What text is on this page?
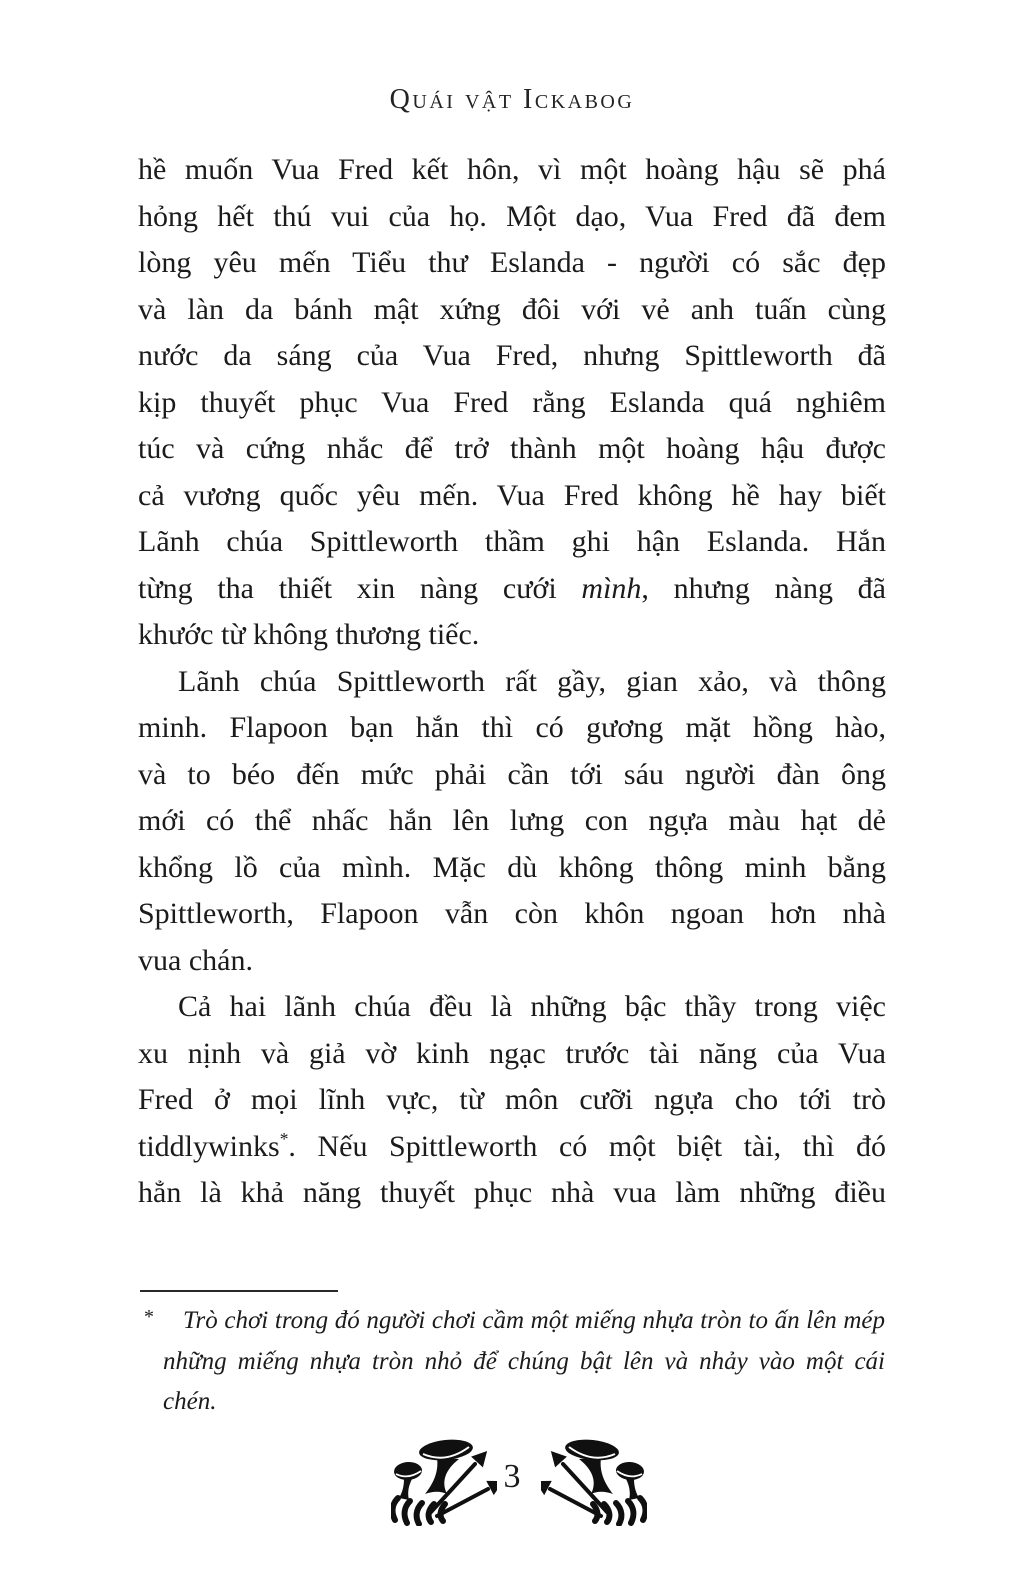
Quái vật Ickabog
hề muốn Vua Fred kết hôn, vì một hoàng hậu sẽ phá
hỏng hết thú vui của họ. Một dạo, Vua Fred đã đem
lòng yêu mến Tiểu thư Eslanda - người có sắc đẹp
và làn da bánh mật xứng đôi với vẻ anh tuấn cùng
nước da sáng của Vua Fred, nhưng Spittleworth đã
kịp thuyết phục Vua Fred rằng Eslanda quá nghiêm
túc và cứng nhắc để trở thành một hoàng hậu được
cả vương quốc yêu mến. Vua Fred không hề hay biết
Lãnh chúa Spittleworth thầm ghi hận Eslanda. Hắn
từng tha thiết xin nàng cưới mình, nhưng nàng đã
khước từ không thương tiếc.
Lãnh chúa Spittleworth rất gầy, gian xảo, và thông
minh. Flapoon bạn hắn thì có gương mặt hồng hào,
và to béo đến mức phải cần tới sáu người đàn ông
mới có thể nhấc hắn lên lưng con ngựa màu hạt dẻ
khổng lồ của mình. Mặc dù không thông minh bằng
Spittleworth, Flapoon vẫn còn khôn ngoan hơn nhà
vua chán.
Cả hai lãnh chúa đều là những bậc thầy trong việc
xu nịnh và giả vờ kinh ngạc trước tài năng của Vua
Fred ở mọi lĩnh vực, từ môn cưỡi ngựa cho tới trò
tiddlywinks*. Nếu Spittleworth có một biệt tài, thì đó
hẳn là khả năng thuyết phục nhà vua làm những điều
*	Trò chơi trong đó người chơi cầm một miếng nhựa tròn to ấn lên mép
những miếng nhựa tròn nhỏ để chúng bật lên và nhảy vào một cái
chén.
3
